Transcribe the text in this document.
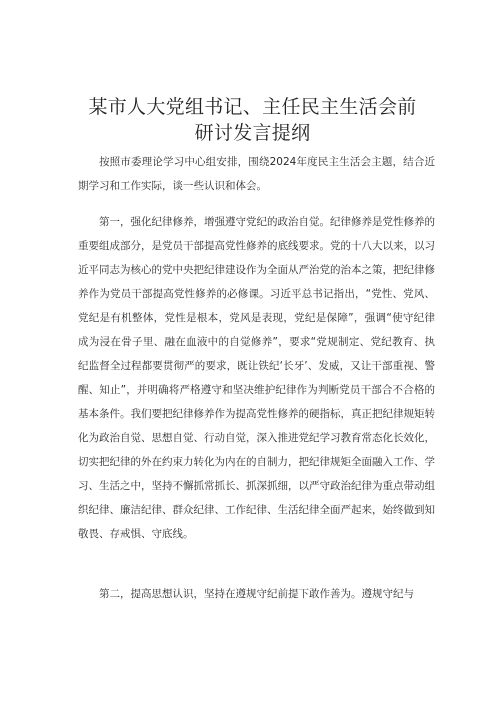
某市人大党组书记、主任民主生活会前研讨发言提纲

按照市委理论学习中心组安排，围绕2024年度民主生活会主题，结合近期学习和工作实际，谈一些认识和体会。

第一，强化纪律修养，增强遵守党纪的政治自觉。纪律修养是党性修养的重要组成部分，是党员干部提高党性修养的底线要求。党的十八大以来，以习近平同志为核心的党中央把纪律建设作为全面从严治党的治本之策，把纪律修养作为党员干部提高党性修养的必修课。习近平总书记指出，“党性、党风、党纪是有机整体，党性是根本，党风是表现，党纪是保障”，强调“使守纪律成为浸在骨子里、融在血液中的自觉修养”，要求“党规制定、党纪教育、执纪监督全过程都要贯彻严的要求，既让铁纪‘长牙’、发威，又让干部重视、警醒、知止”，并明确将严格遵守和坚决维护纪律作为判断党员干部合不合格的基本条件。我们要把纪律修养作为提高党性修养的硬指标，真正把纪律规矩转化为政治自觉、思想自觉、行动自觉，深入推进党纪学习教育常态化长效化，切实把纪律的外在约束力转化为内在的自制力，把纪律规矩全面融入工作、学习、生活之中，坚持不懈抓常抓长、抓深抓细，以严守政治纪律为重点带动组织纪律、廉洁纪律、群众纪律、工作纪律、生活纪律全面严起来，始终做到知敬畏、存戒惧、守底线。

第二，提高思想认识，坚持在遵规守纪前提下敢作善为。遵规守纪与
